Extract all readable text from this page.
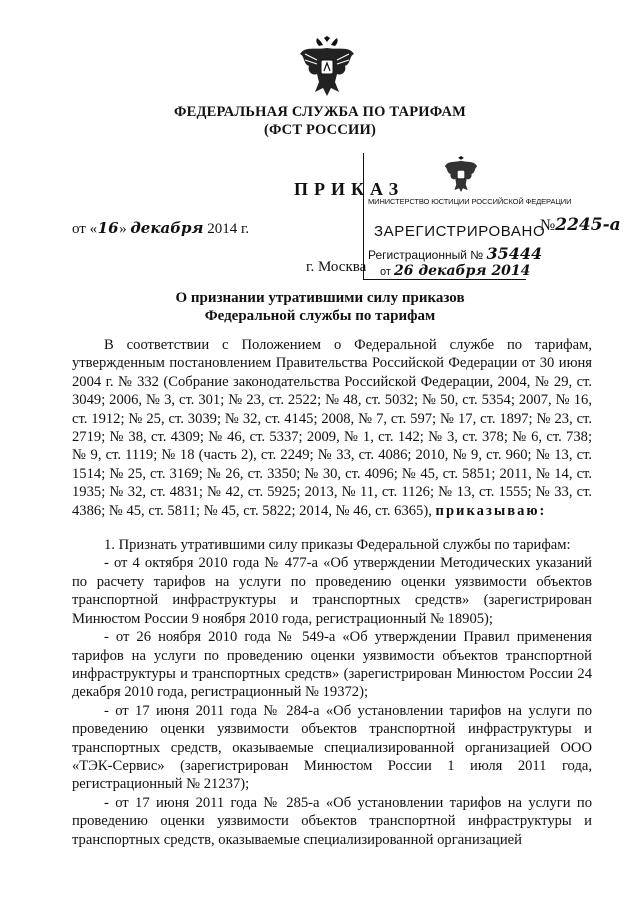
ФЕДЕРАЛЬНАЯ СЛУЖБА ПО ТАРИФАМ
(ФСТ РОССИИ)
ПРИКАЗ
от «16» декабря 2014 г.	№2245-а
г. Москва
МИНИСТЕРСТВО ЮСТИЦИИ РОССИЙСКОЙ ФЕДЕРАЦИИ
ЗАРЕГИСТРИРОВАНО
Регистрационный № 35444
от 26 декабря 2014
О признании утратившими силу приказов
Федеральной службы по тарифам

В соответствии с Положением о Федеральной службе по тарифам, утвержденным постановлением Правительства Российской Федерации от 30 июня 2004 г. № 332 (Собрание законодательства Российской Федерации, 2004, № 29, ст. 3049; 2006, № 3, ст. 301; № 23, ст. 2522; № 48, ст. 5032; № 50, ст. 5354; 2007, № 16, ст. 1912; № 25, ст. 3039; № 32, ст. 4145; 2008, № 7, ст. 597; № 17, ст. 1897; № 23, ст. 2719; № 38, ст. 4309; № 46, ст. 5337; 2009, № 1, ст. 142; № 3, ст. 378; № 6, ст. 738; № 9, ст. 1119; № 18 (часть 2), ст. 2249; № 33, ст. 4086; 2010, № 9, ст. 960; № 13, ст. 1514; № 25, ст. 3169; № 26, ст. 3350; № 30, ст. 4096; № 45, ст. 5851; 2011, № 14, ст. 1935; № 32, ст. 4831; № 42, ст. 5925; 2013, № 11, ст. 1126; № 13, ст. 1555; № 33, ст. 4386; № 45, ст. 5811; № 45, ст. 5822; 2014, № 46, ст. 6365), приказываю:

1. Признать утратившими силу приказы Федеральной службы по тарифам:

- от 4 октября 2010 года № 477-а «Об утверждении Методических указаний по расчету тарифов на услуги по проведению оценки уязвимости объектов транспортной инфраструктуры и транспортных средств» (зарегистрирован Минюстом России 9 ноября 2010 года, регистрационный № 18905);

- от 26 ноября 2010 года № 549-а «Об утверждении Правил применения тарифов на услуги по проведению оценки уязвимости объектов транспортной инфраструктуры и транспортных средств» (зарегистрирован Минюстом России 24 декабря 2010 года, регистрационный № 19372);

- от 17 июня 2011 года № 284-а «Об установлении тарифов на услуги по проведению оценки уязвимости объектов транспортной инфраструктуры и транспортных средств, оказываемые специализированной организацией ООО «ТЭК-Сервис» (зарегистрирован Минюстом России 1 июля 2011 года, регистрационный № 21237);

- от 17 июня 2011 года № 285-а «Об установлении тарифов на услуги по проведению оценки уязвимости объектов транспортной инфраструктуры и транспортных средств, оказываемые специализированной организацией
